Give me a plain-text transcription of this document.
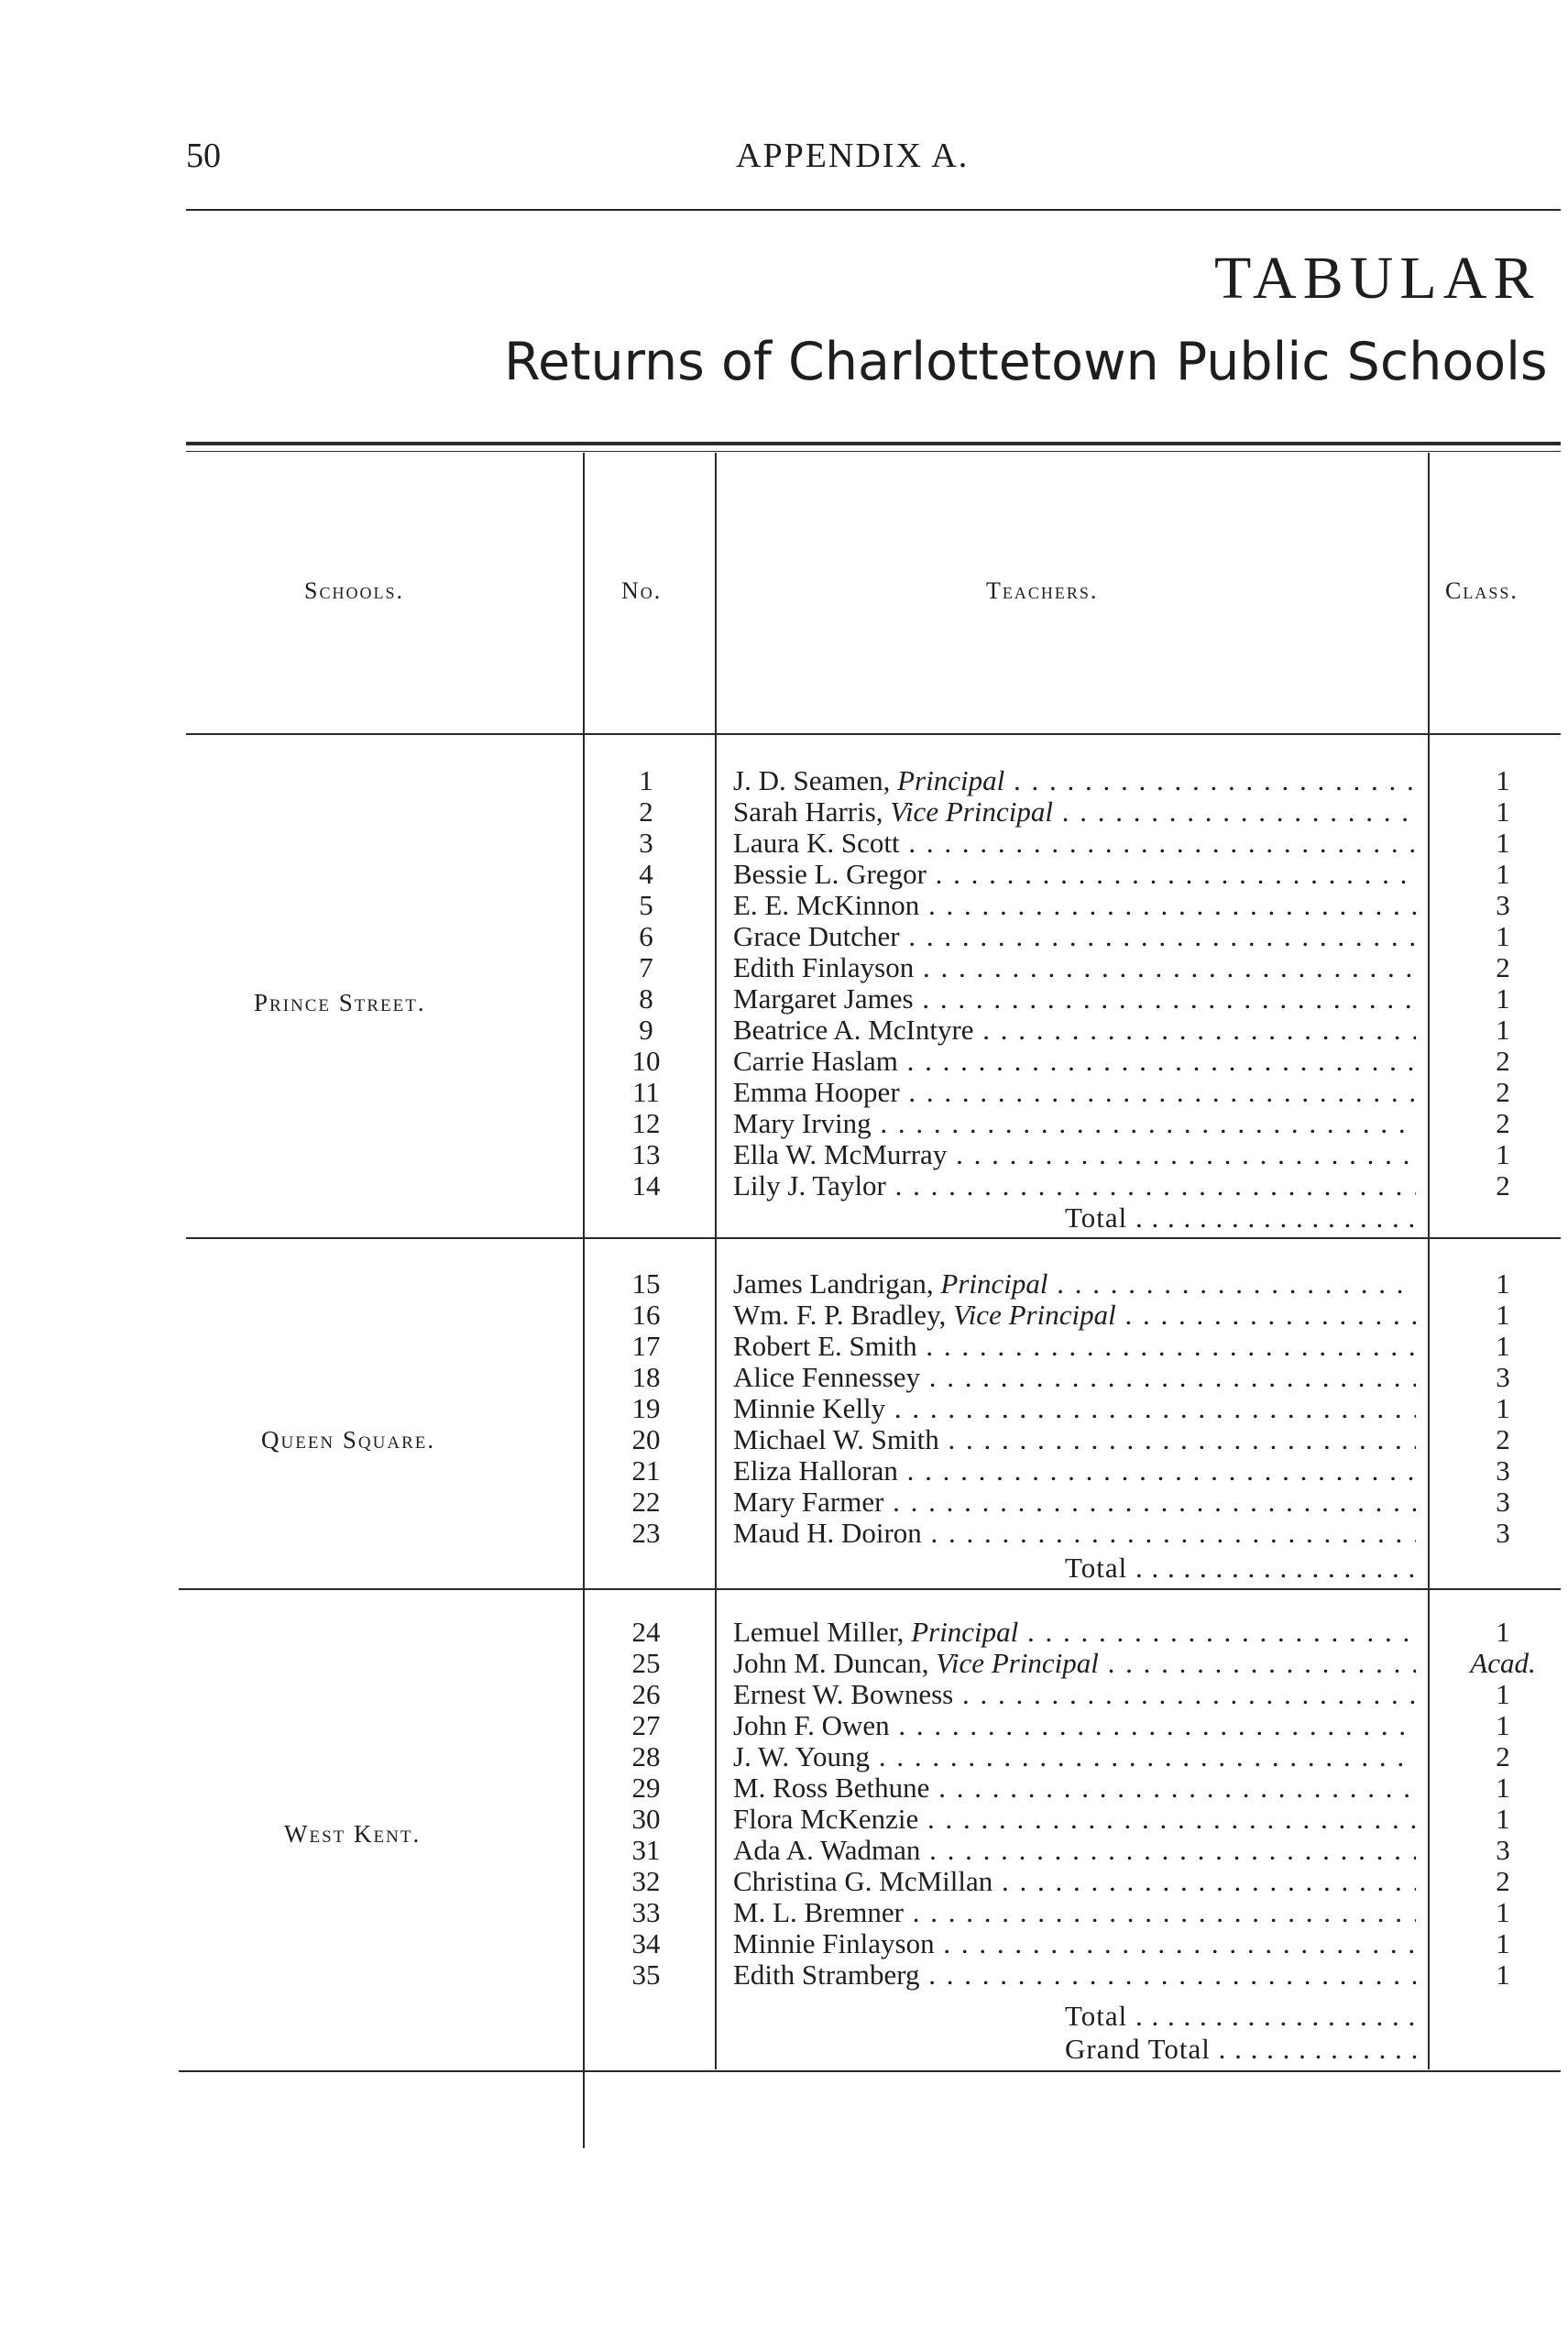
50	APPENDIX A.
TABULAR
Returns of Charlottetown Public Schools
Schools.	No.	Teachers.	Class.
Prince Street.
1	J. D. Seamen, Principal . . .	1
2	Sarah Harris, Vice Principal . . .	1
3	Laura K. Scott . . .	1
4	Bessie L. Gregor . . .	1
5	E. E. McKinnon . . .	3
6	Grace Dutcher . . .	1
7	Edith Finlayson . . .	2
8	Margaret James . . .	1
9	Beatrice A. McIntyre . . .	1
10	Carrie Haslam . . .	2
11	Emma Hooper . . .	2
12	Mary Irving . . .	2
13	Ella W. McMurray . . .	1
14	Lily J. Taylor . . .	2
Total . . .
Queen Square.
15	James Landrigan, Principal . . .	1
16	Wm. F. P. Bradley, Vice Principal . . .	1
17	Robert E. Smith . . .	1
18	Alice Fennessey . . .	3
19	Minnie Kelly . . .	1
20	Michael W. Smith . . .	2
21	Eliza Halloran . . .	3
22	Mary Farmer . . .	3
23	Maud H. Doiron . . .	3
Total . . .
West Kent.
24	Lemuel Miller, Principal . . .	1
25	John M. Duncan, Vice Principal . . .	Acad.
26	Ernest W. Bowness . . .	1
27	John F. Owen . . .	1
28	J. W. Young . . .	2
29	M. Ross Bethune . . .	1
30	Flora McKenzie . . .	1
31	Ada A. Wadman . . .	3
32	Christina G. McMillan . . .	2
33	M. L. Bremner . . .	1
34	Minnie Finlayson . . .	1
35	Edith Stramberg . . .	1
Total . . .
Grand Total . . .
